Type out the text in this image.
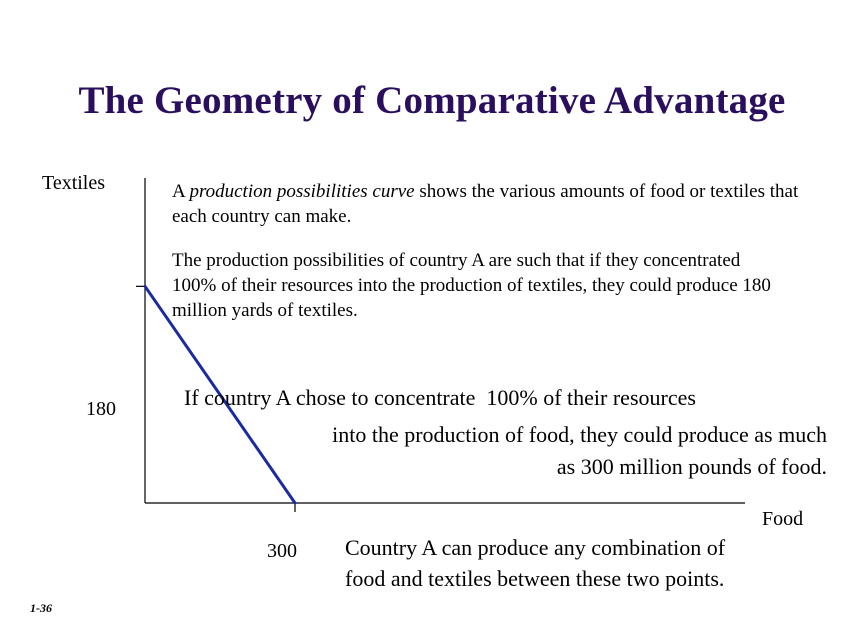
The Geometry of Comparative Advantage
Textiles
Food
180
300
A production possibilities curve shows the various amounts of food or textiles that each country can make.
The production possibilities of country A are such that if they concentrated 100% of their resources into the production of textiles, they could produce 180 million yards of textiles.
If country A chose to concentrate  100% of their resources
into the production of food, they could produce as much
as 300 million pounds of food.
Country A can produce any combination of
food and textiles between these two points.
1-36
